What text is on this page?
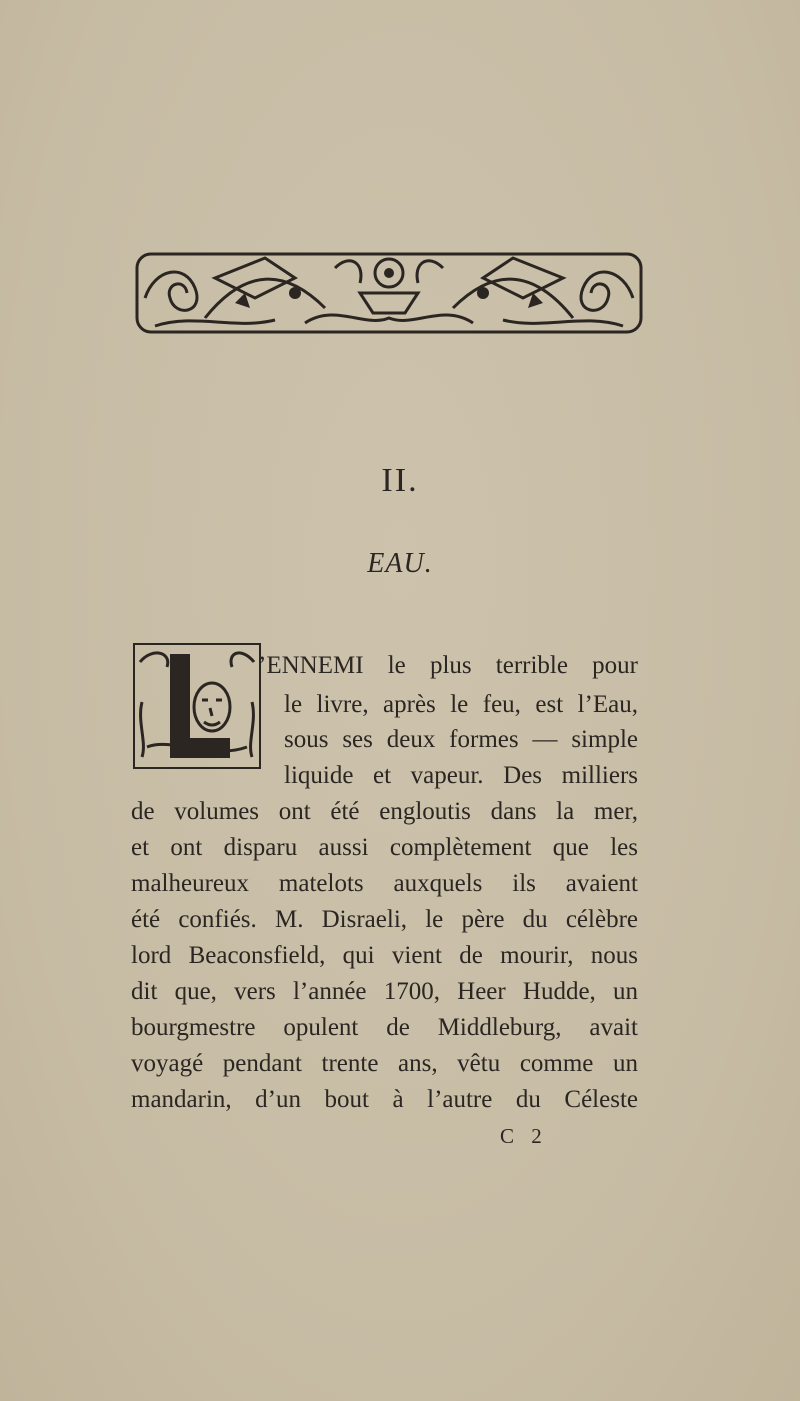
II.
EAU.
’ENNEMI le plus terrible pour
le livre, après le feu, est l’Eau,
sous ses deux formes — simple
liquide et vapeur. Des milliers
de volumes ont été engloutis dans la mer,
et ont disparu aussi complètement que les
malheureux matelots auxquels ils avaient
été confiés. M. Disraeli, le père du célèbre
lord Beaconsfield, qui vient de mourir, nous
dit que, vers l’année 1700, Heer Hudde, un
bourgmestre opulent de Middleburg, avait
voyagé pendant trente ans, vêtu comme un
mandarin, d’un bout à l’autre du Céleste
C 2
